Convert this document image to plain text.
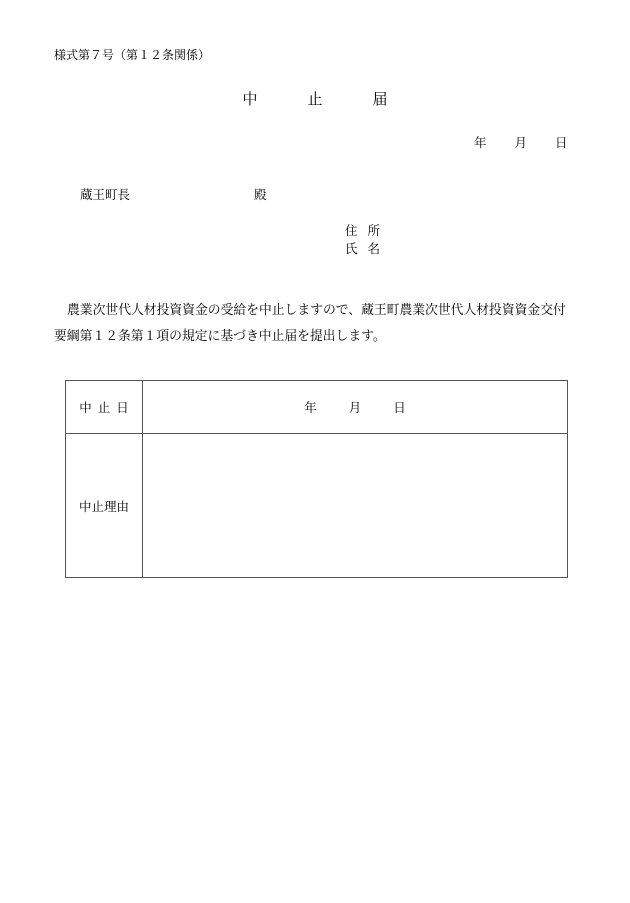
様式第７号（第１２条関係）
中	止	届
年 月 日
蔵王町長	殿
住 所
氏 名
農業次世代人材投資資金の受給を中止しますので、蔵王町農業次世代人材投資資金交付要綱第１２条第１項の規定に基づき中止届を提出します。
中 止 日	年 月 日
中止理由	
